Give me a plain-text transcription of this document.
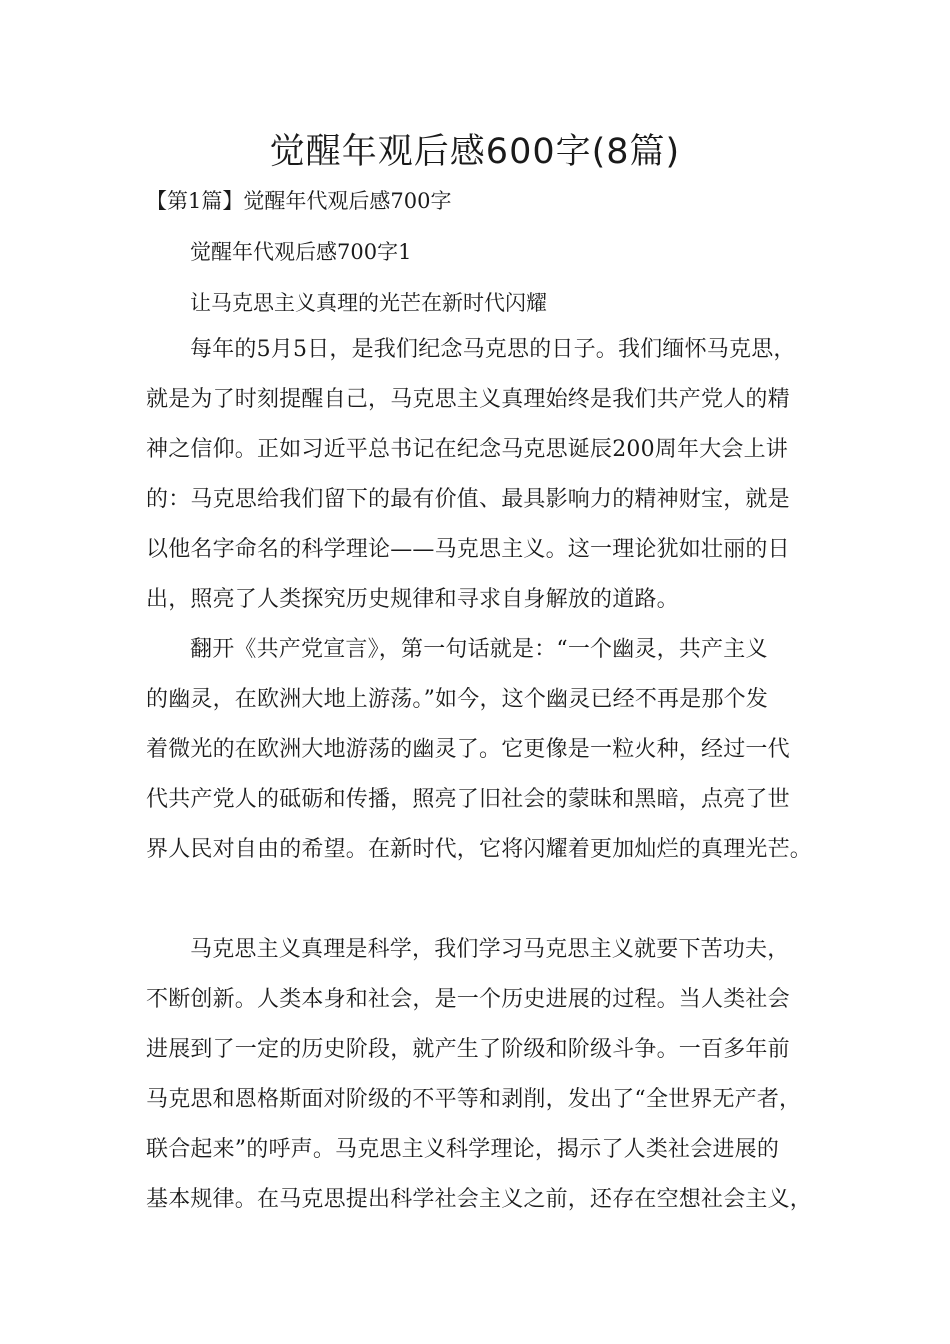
觉醒年观后感600字(8篇)
【第1篇】觉醒年代观后感700字

觉醒年代观后感700字1

让马克思主义真理的光芒在新时代闪耀

每年的5月5日，是我们纪念马克思的日子。我们缅怀马克思，
就是为了时刻提醒自己，马克思主义真理始终是我们共产党人的精
神之信仰。正如习近平总书记在纪念马克思诞辰200周年大会上讲
的：马克思给我们留下的最有价值、最具影响力的精神财宝，就是
以他名字命名的科学理论——马克思主义。这一理论犹如壮丽的日
出，照亮了人类探究历史规律和寻求自身解放的道路。
翻开《共产党宣言》，第一句话就是：“一个幽灵，共产主义
的幽灵，在欧洲大地上游荡。”如今，这个幽灵已经不再是那个发
着微光的在欧洲大地游荡的幽灵了。它更像是一粒火种，经过一代
代共产党人的砥砺和传播，照亮了旧社会的蒙昧和黑暗，点亮了世
界人民对自由的希望。在新时代，它将闪耀着更加灿烂的真理光芒。
马克思主义真理是科学，我们学习马克思主义就要下苦功夫，
不断创新。人类本身和社会，是一个历史进展的过程。当人类社会
进展到了一定的历史阶段，就产生了阶级和阶级斗争。一百多年前
马克思和恩格斯面对阶级的不平等和剥削，发出了“全世界无产者，
联合起来”的呼声。马克思主义科学理论，揭示了人类社会进展的
基本规律。在马克思提出科学社会主义之前，还存在空想社会主义，
